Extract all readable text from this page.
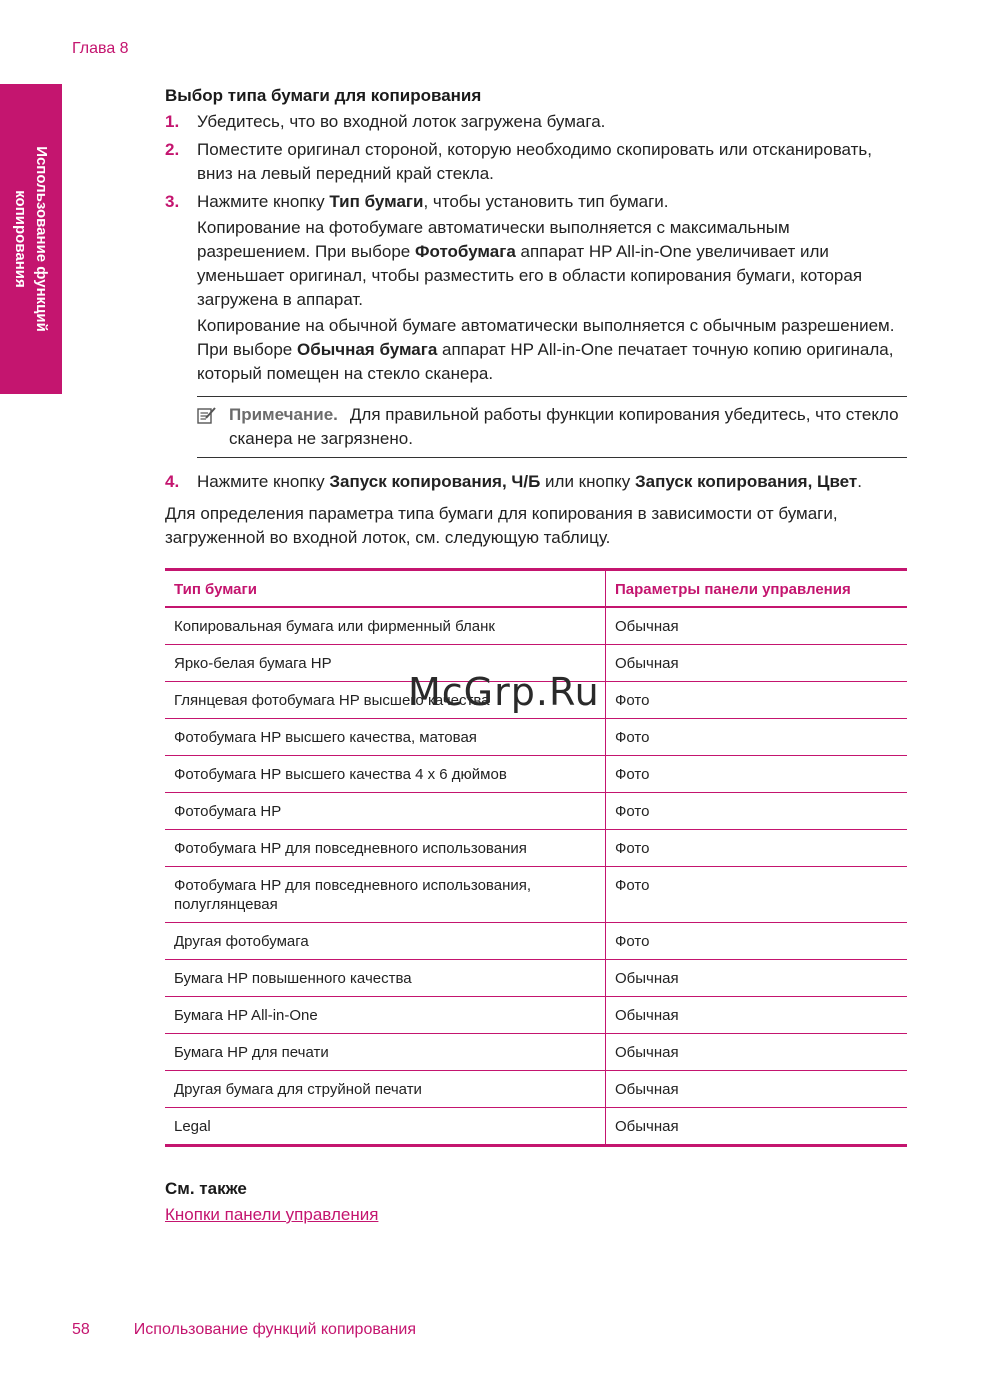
Глава 8
Использование функций
копирования
Выбор типа бумаги для копирования
1. Убедитесь, что во входной лоток загружена бумага.

2. Поместите оригинал стороной, которую необходимо скопировать или отсканировать, вниз на левый передний край стекла.

3. Нажмите кнопку Тип бумаги, чтобы установить тип бумаги.

Копирование на фотобумаге автоматически выполняется с максимальным разрешением. При выборе Фотобумага аппарат HP All-in-One увеличивает или уменьшает оригинал, чтобы разместить его в области копирования бумаги, которая загружена в аппарат.

Копирование на обычной бумаге автоматически выполняется с обычным разрешением. При выборе Обычная бумага аппарат HP All-in-One печатает точную копию оригинала, который помещен на стекло сканера.

Примечание. Для правильной работы функции копирования убедитесь, что стекло сканера не загрязнено.
4. Нажмите кнопку Запуск копирования, Ч/Б или кнопку Запуск копирования, Цвет.

Для определения параметра типа бумаги для копирования в зависимости от бумаги, загруженной во входной лоток, см. следующую таблицу.

Тип бумаги	Параметры панели управления
Копировальная бумага или фирменный бланк	Обычная
Ярко-белая бумага HP	Обычная
Глянцевая фотобумага HP высшего качества	Фото
Фотобумага HP высшего качества, матовая	Фото
Фотобумага HP высшего качества 4 x 6 дюймов	Фото
Фотобумага HP	Фото
Фотобумага HP для повседневного использования	Фото
Фотобумага HP для повседневного использования, полуглянцевая	Фото
Другая фотобумага	Фото
Бумага HP повышенного качества	Обычная
Бумага HP All-in-One	Обычная
Бумага HP для печати	Обычная
Другая бумага для струйной печати	Обычная
Legal	Обычная
См. также
Кнопки панели управления
McGrp.Ru
58	Использование функций копирования
